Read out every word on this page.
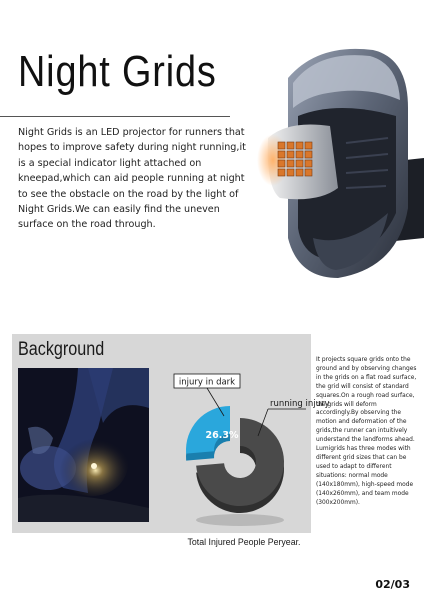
Night Grids

Night Grids is an LED projector for runners that hopes to improve safety during night running,it is a special indicator light attached on kneepad,which can aid people running at night to see the obstacle on the road by the light of Night Grids.We can easily find the uneven surface on the road through.

Background
26.3%
injury in dark
running injury
Total Injured People Peryear.

It projects square grids onto the ground and by observing changes in the grids on a flat road surface, the grid will consist of standard squares.On a rough road surface, the grids will deform accordingly.By observing the motion and deformation of the grids,the runner can intuitively understand the landforms ahead. Lumigrids has three modes with different grid sizes that can be used to adapt to different situations: normal mode (140x180mm), high-speed mode (140x260mm), and team mode (300x200mm).

02/03
